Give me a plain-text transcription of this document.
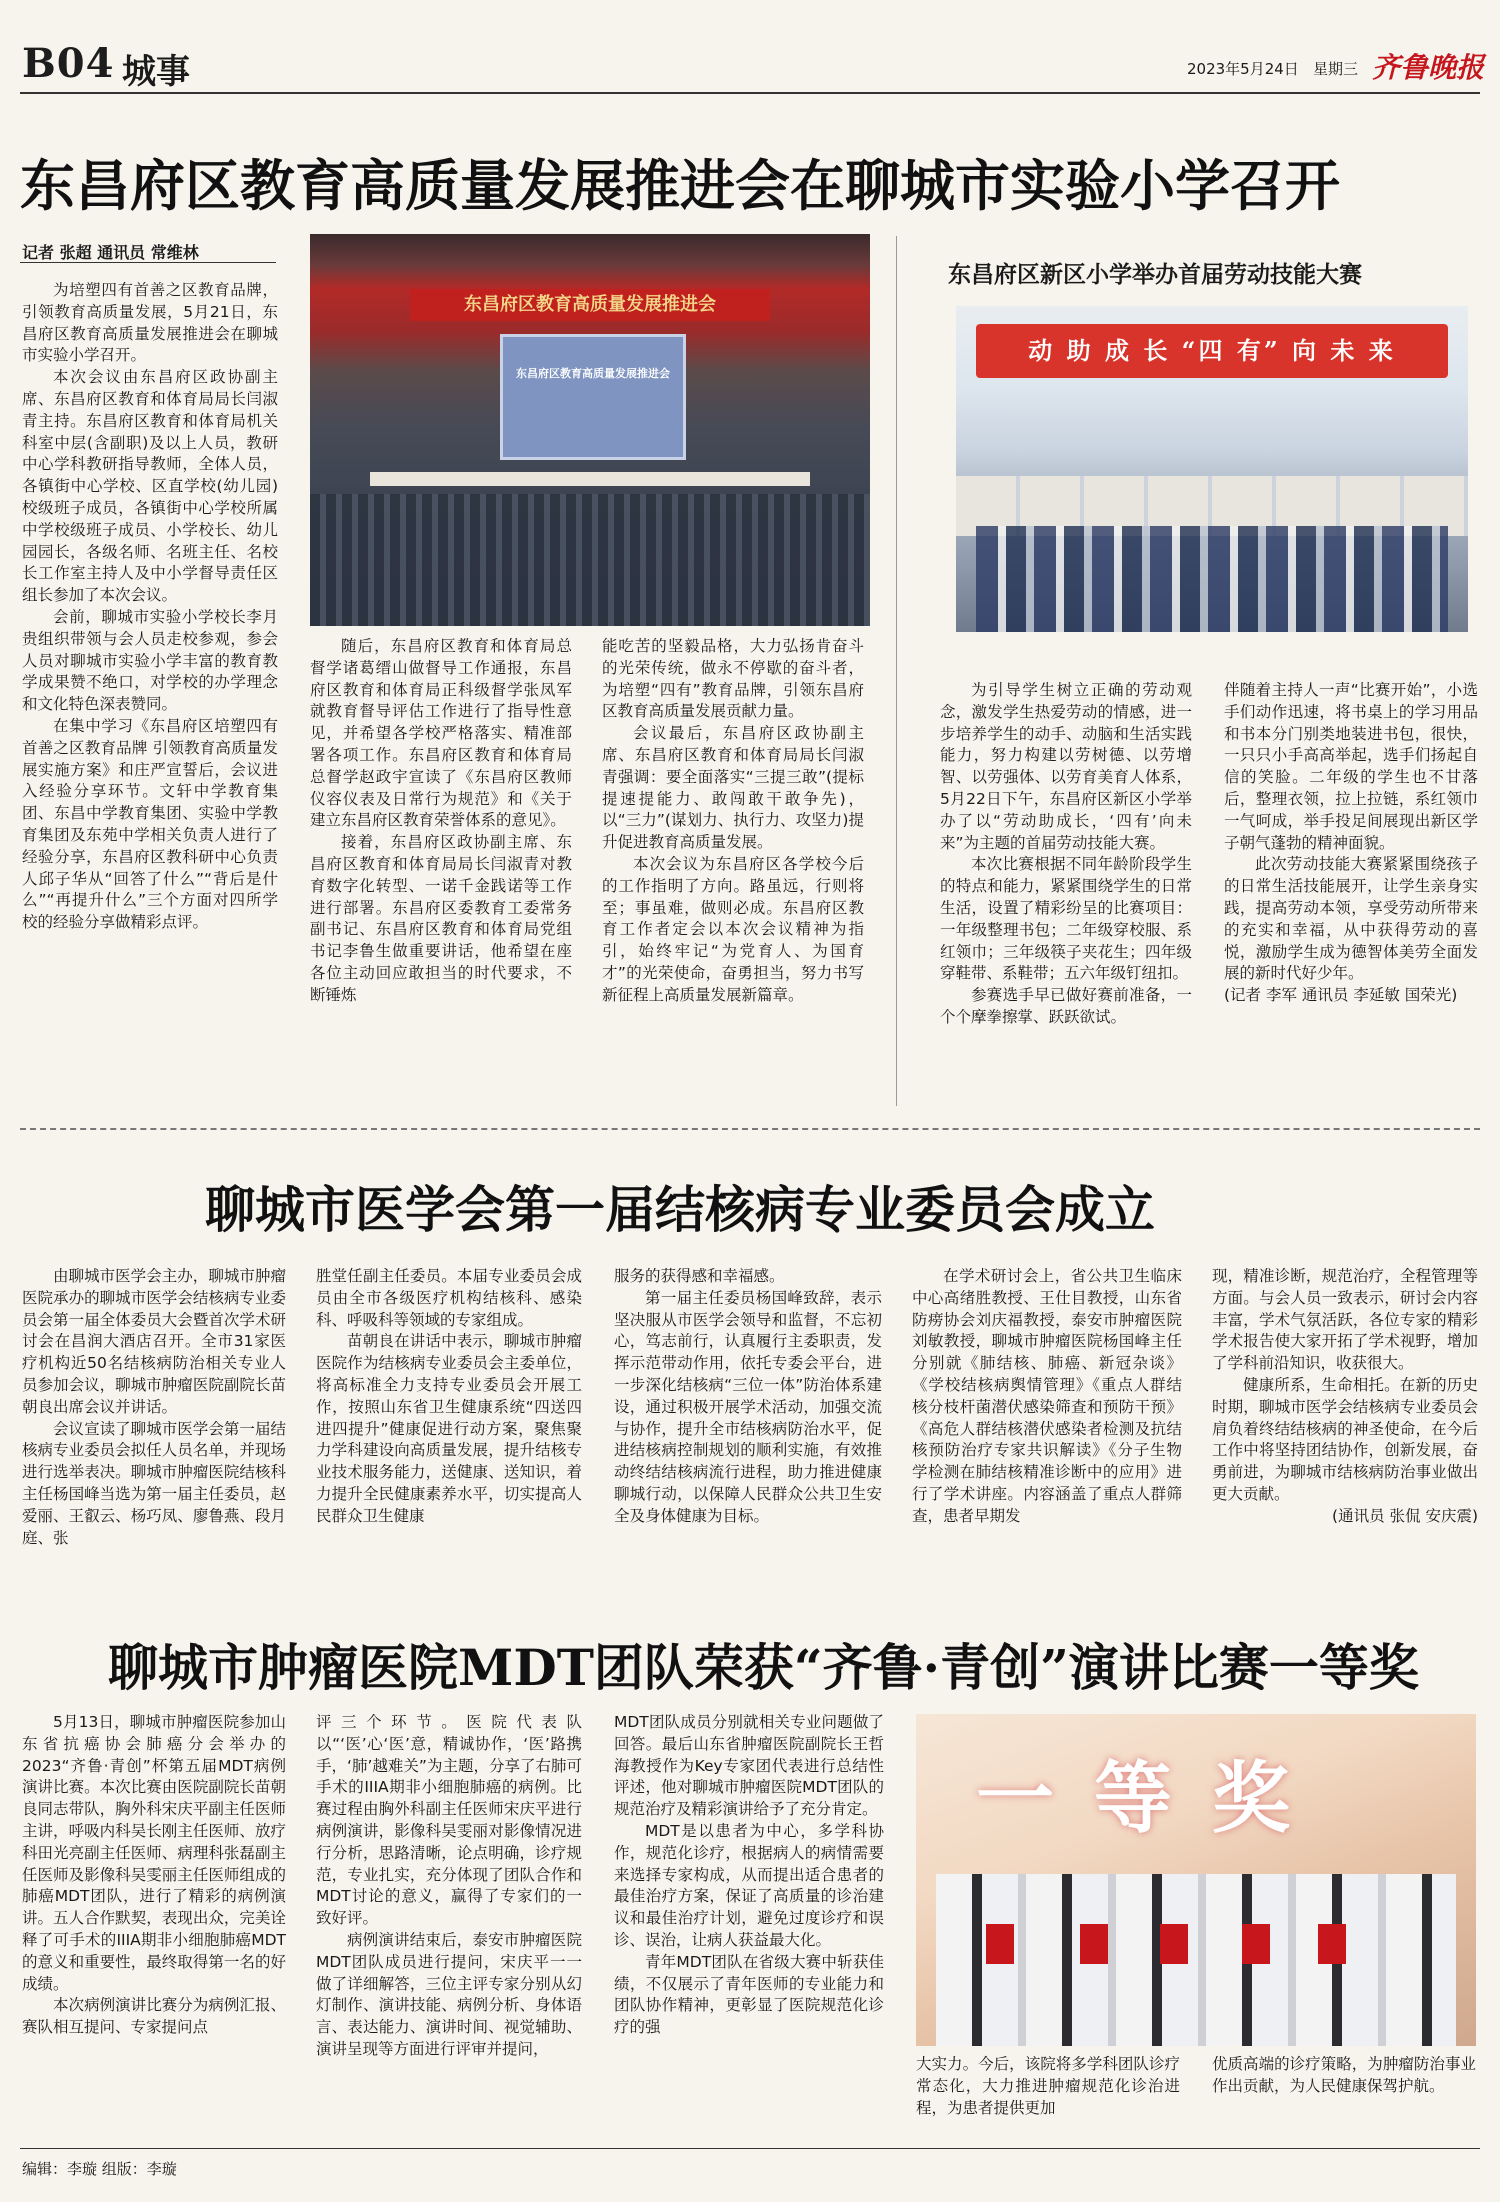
B04 城事	2023年5月24日 星期三 齐鲁晚报
东昌府区教育高质量发展推进会在聊城市实验小学召开
记者 张超 通讯员 常维林

为培塑四有首善之区教育品牌，引领教育高质量发展，5月21日，东昌府区教育高质量发展推进会在聊城市实验小学召开。

本次会议由东昌府区政协副主席、东昌府区教育和体育局局长闫淑青主持。东昌府区教育和体育局机关科室中层(含副职)及以上人员，教研中心学科教研指导教师，全体人员，各镇街中心学校、区直学校(幼儿园)校级班子成员，各镇街中心学校所属中学校级班子成员、小学校长、幼儿园园长，各级名师、名班主任、名校长工作室主持人及中小学督导责任区组长参加了本次会议。

会前，聊城市实验小学校长李月贵组织带领与会人员走校参观，参会人员对聊城市实验小学丰富的教育教学成果赞不绝口，对学校的办学理念和文化特色深表赞同。

在集中学习《东昌府区培塑四有首善之区教育品牌 引领教育高质量发展实施方案》和庄严宣誓后，会议进入经验分享环节。文轩中学教育集团、东昌中学教育集团、实验中学教育集团及东苑中学相关负责人进行了经验分享，东昌府区教科研中心负责人邱子华从“回答了什么”“背后是什么”“再提升什么”三个方面对四所学校的经验分享做精彩点评。

东昌府区教育高质量发展推进会
东昌府区教育高质量发展推进会

随后，东昌府区教育和体育局总督学诸葛缙山做督导工作通报，东昌府区教育和体育局正科级督学张凤军就教育督导评估工作进行了指导性意见，并希望各学校严格落实、精准部署各项工作。东昌府区教育和体育局总督学赵政宇宣读了《东昌府区教师仪容仪表及日常行为规范》和《关于建立东昌府区教育荣誉体系的意见》。

接着，东昌府区政协副主席、东昌府区教育和体育局局长闫淑青对教育数字化转型、一诺千金践诺等工作进行部署。东昌府区委教育工委常务副书记、东昌府区教育和体育局党组书记李鲁生做重要讲话，他希望在座各位主动回应敢担当的时代要求，不断锤炼

能吃苦的坚毅品格，大力弘扬肯奋斗的光荣传统，做永不停歇的奋斗者，为培塑“四有”教育品牌，引领东昌府区教育高质量发展贡献力量。

会议最后，东昌府区政协副主席、东昌府区教育和体育局局长闫淑青强调：要全面落实“三提三敢”(提标提速提能力、敢闯敢干敢争先)，以“三力”(谋划力、执行力、攻坚力)提升促进教育高质量发展。

本次会议为东昌府区各学校今后的工作指明了方向。路虽远，行则将至；事虽难，做则必成。东昌府区教育工作者定会以本次会议精神为指引，始终牢记“为党育人、为国育才”的光荣使命，奋勇担当，努力书写新征程上高质量发展新篇章。

东昌府区新区小学举办首届劳动技能大赛
动 助 成 长 “四 有” 向 未 来

为引导学生树立正确的劳动观念，激发学生热爱劳动的情感，进一步培养学生的动手、动脑和生活实践能力，努力构建以劳树德、以劳增智、以劳强体、以劳育美育人体系，5月22日下午，东昌府区新区小学举办了以“劳动助成长，‘四有’向未来”为主题的首届劳动技能大赛。

本次比赛根据不同年龄阶段学生的特点和能力，紧紧围绕学生的日常生活，设置了精彩纷呈的比赛项目：一年级整理书包；二年级穿校服、系红领巾；三年级筷子夹花生；四年级穿鞋带、系鞋带；五六年级钉纽扣。

参赛选手早已做好赛前准备，一个个摩拳擦掌、跃跃欲试。

伴随着主持人一声“比赛开始”，小选手们动作迅速，将书桌上的学习用品和书本分门别类地装进书包，很快，一只只小手高高举起，选手们扬起自信的笑脸。二年级的学生也不甘落后，整理衣领，拉上拉链，系红领巾一气呵成，举手投足间展现出新区学子朝气蓬勃的精神面貌。

此次劳动技能大赛紧紧围绕孩子的日常生活技能展开，让学生亲身实践，提高劳动本领，享受劳动所带来的充实和幸福，从中获得劳动的喜悦，激励学生成为德智体美劳全面发展的新时代好少年。

(记者 李军 通讯员 李延敏 国荣光)

聊城市医学会第一届结核病专业委员会成立

由聊城市医学会主办，聊城市肿瘤医院承办的聊城市医学会结核病专业委员会第一届全体委员大会暨首次学术研讨会在昌润大酒店召开。全市31家医疗机构近50名结核病防治相关专业人员参加会议，聊城市肿瘤医院副院长苗朝良出席会议并讲话。

会议宣读了聊城市医学会第一届结核病专业委员会拟任人员名单，并现场进行选举表决。聊城市肿瘤医院结核科主任杨国峰当选为第一届主任委员，赵爱丽、王叡云、杨巧凤、廖鲁燕、段月庭、张

胜堂任副主任委员。本届专业委员会成员由全市各级医疗机构结核科、感染科、呼吸科等领域的专家组成。

苗朝良在讲话中表示，聊城市肿瘤医院作为结核病专业委员会主委单位，将高标准全力支持专业委员会开展工作，按照山东省卫生健康系统“四送四进四提升”健康促进行动方案，聚焦聚力学科建设向高质量发展，提升结核专业技术服务能力，送健康、送知识，着力提升全民健康素养水平，切实提高人民群众卫生健康

服务的获得感和幸福感。

第一届主任委员杨国峰致辞，表示坚决服从市医学会领导和监督，不忘初心，笃志前行，认真履行主委职责，发挥示范带动作用，依托专委会平台，进一步深化结核病“三位一体”防治体系建设，通过积极开展学术活动，加强交流与协作，提升全市结核病防治水平，促进结核病控制规划的顺利实施，有效推动终结结核病流行进程，助力推进健康聊城行动，以保障人民群众公共卫生安全及身体健康为目标。

在学术研讨会上，省公共卫生临床中心高绪胜教授、王仕目教授，山东省防痨协会刘庆福教授，泰安市肿瘤医院刘敏教授，聊城市肿瘤医院杨国峰主任分别就《肺结核、肺癌、新冠杂谈》《学校结核病舆情管理》《重点人群结核分枝杆菌潜伏感染筛查和预防干预》《高危人群结核潜伏感染者检测及抗结核预防治疗专家共识解读》《分子生物学检测在肺结核精准诊断中的应用》进行了学术讲座。内容涵盖了重点人群筛查，患者早期发

现，精准诊断，规范治疗，全程管理等方面。与会人员一致表示，研讨会内容丰富，学术气氛活跃，各位专家的精彩学术报告使大家开拓了学术视野，增加了学科前沿知识，收获很大。

健康所系，生命相托。在新的历史时期，聊城市医学会结核病专业委员会肩负着终结结核病的神圣使命，在今后工作中将坚持团结协作，创新发展，奋勇前进，为聊城市结核病防治事业做出更大贡献。

(通讯员 张侃 安庆震)

聊城市肿瘤医院MDT团队荣获“齐鲁·青创”演讲比赛一等奖

5月13日，聊城市肿瘤医院参加山东省抗癌协会肺癌分会举办的2023“齐鲁·青创”杯第五届MDT病例演讲比赛。本次比赛由医院副院长苗朝良同志带队，胸外科宋庆平副主任医师主讲，呼吸内科吴长刚主任医师、放疗科田光亮副主任医师、病理科张磊副主任医师及影像科吴雯丽主任医师组成的肺癌MDT团队，进行了精彩的病例演讲。五人合作默契，表现出众，完美诠释了可手术的IIIA期非小细胞肺癌MDT的意义和重要性，最终取得第一名的好成绩。

本次病例演讲比赛分为病例汇报、赛队相互提问、专家提问点

评三个环节。医院代表队以“‘医’心‘医’意，精诚协作，‘医’路携手，‘肺’越难关”为主题，分享了右肺可手术的IIIA期非小细胞肺癌的病例。比赛过程由胸外科副主任医师宋庆平进行病例演讲，影像科吴雯丽对影像情况进行分析，思路清晰，论点明确，诊疗规范，专业扎实，充分体现了团队合作和MDT讨论的意义，赢得了专家们的一致好评。

病例演讲结束后，泰安市肿瘤医院MDT团队成员进行提问，宋庆平一一做了详细解答，三位主评专家分别从幻灯制作、演讲技能、病例分析、身体语言、表达能力、演讲时间、视觉辅助、演讲呈现等方面进行评审并提问，

MDT团队成员分别就相关专业问题做了回答。最后山东省肿瘤医院副院长王哲海教授作为Key专家团代表进行总结性评述，他对聊城市肿瘤医院MDT团队的规范治疗及精彩演讲给予了充分肯定。

MDT是以患者为中心，多学科协作，规范化诊疗，根据病人的病情需要来选择专家构成，从而提出适合患者的最佳治疗方案，保证了高质量的诊治建议和最佳治疗计划，避免过度诊疗和误诊、误治，让病人获益最大化。

青年MDT团队在省级大赛中斩获佳绩，不仅展示了青年医师的专业能力和团队协作精神，更彰显了医院规范化诊疗的强

一等奖

大实力。今后，该院将多学科团队诊疗常态化，大力推进肿瘤规范化诊治进程，为患者提供更加

优质高端的诊疗策略，为肿瘤防治事业作出贡献，为人民健康保驾护航。

编辑：李璇 组版：李璇
